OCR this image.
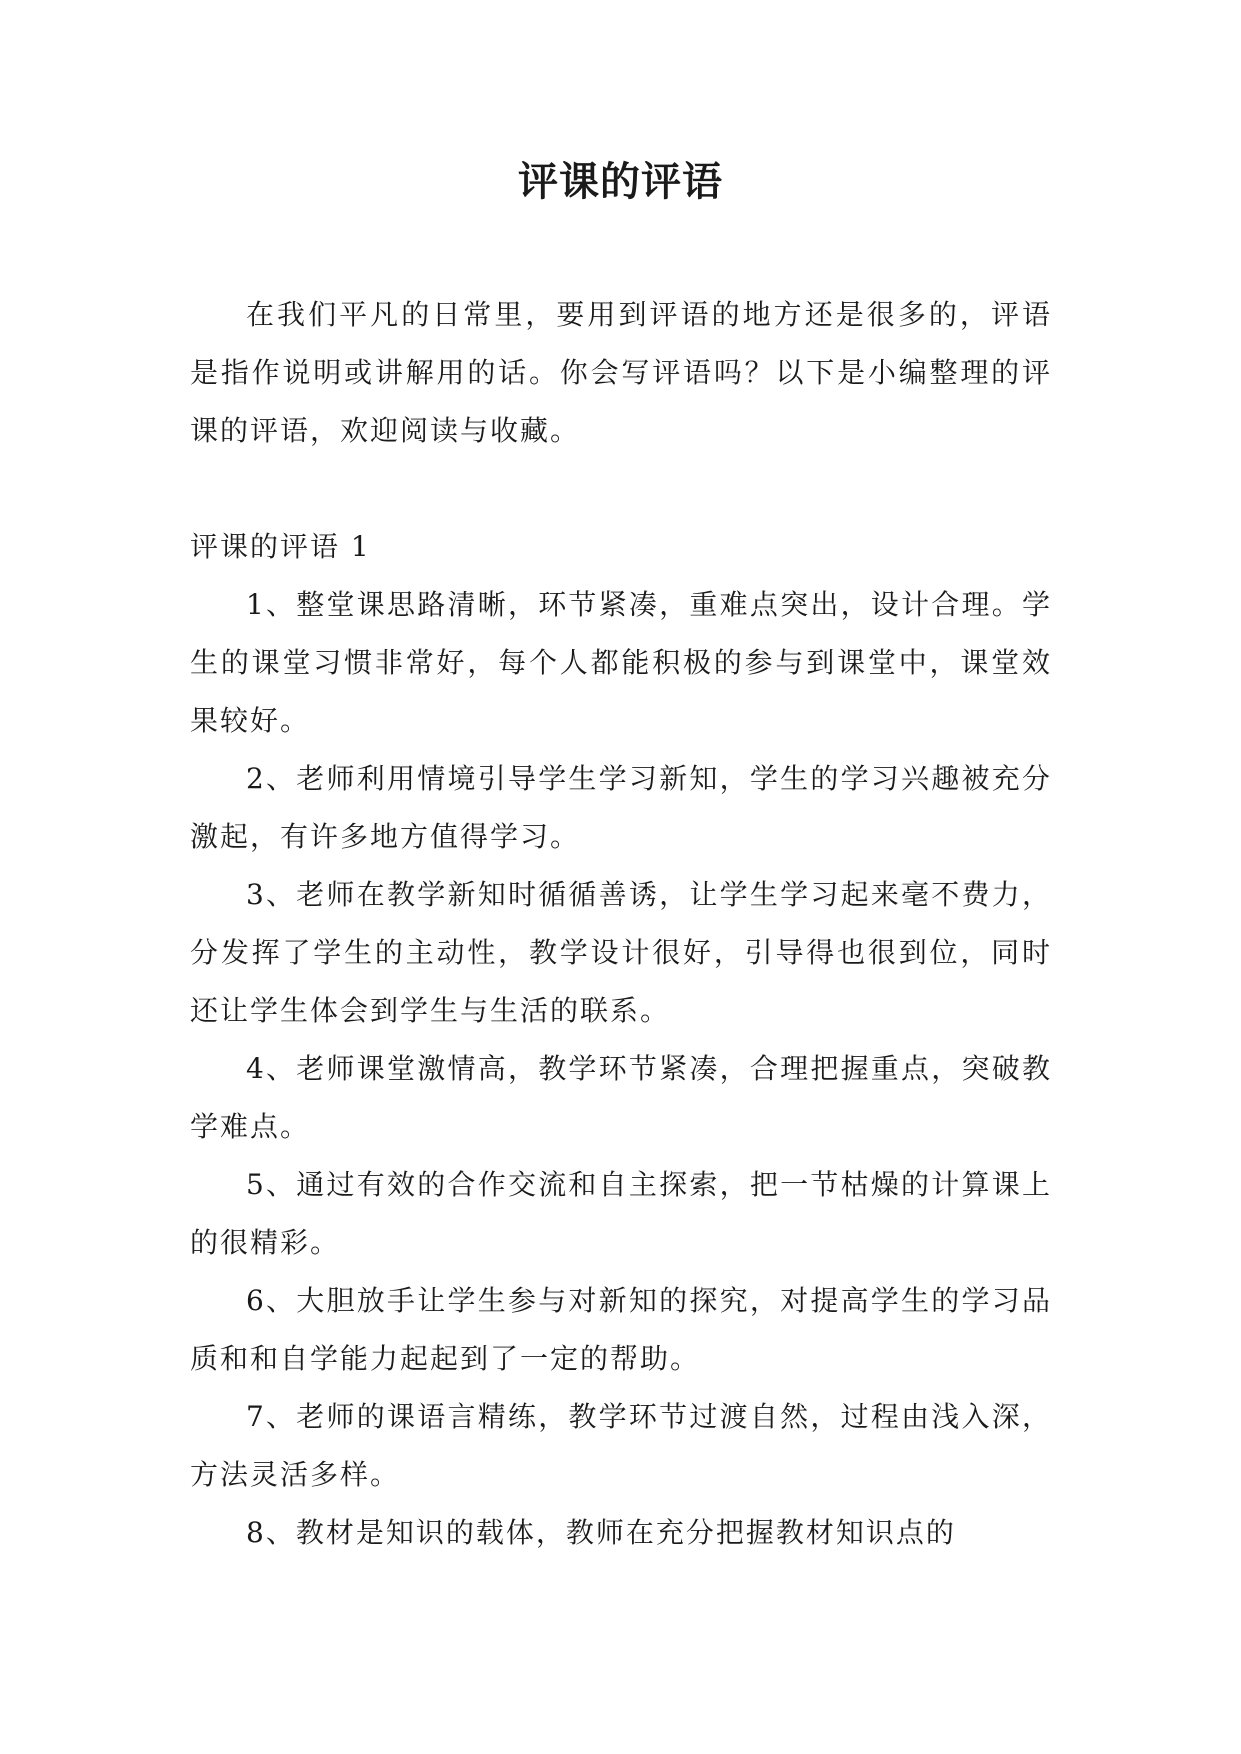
评课的评语

在我们平凡的日常里，要用到评语的地方还是很多的，评语是指作说明或讲解用的话。你会写评语吗？以下是小编整理的评课的评语，欢迎阅读与收藏。

评课的评语 1

1、整堂课思路清晰，环节紧凑，重难点突出，设计合理。学生的课堂习惯非常好，每个人都能积极的参与到课堂中，课堂效果较好。

2、老师利用情境引导学生学习新知，学生的学习兴趣被充分激起，有许多地方值得学习。

3、老师在教学新知时循循善诱，让学生学习起来毫不费力，分发挥了学生的主动性，教学设计很好，引导得也很到位，同时还让学生体会到学生与生活的联系。

4、老师课堂激情高，教学环节紧凑，合理把握重点，突破教学难点。

5、通过有效的合作交流和自主探索，把一节枯燥的计算课上的很精彩。

6、大胆放手让学生参与对新知的探究，对提高学生的学习品质和和自学能力起起到了一定的帮助。

7、老师的课语言精练，教学环节过渡自然，过程由浅入深，方法灵活多样。

8、教材是知识的载体，教师在充分把握教材知识点的
